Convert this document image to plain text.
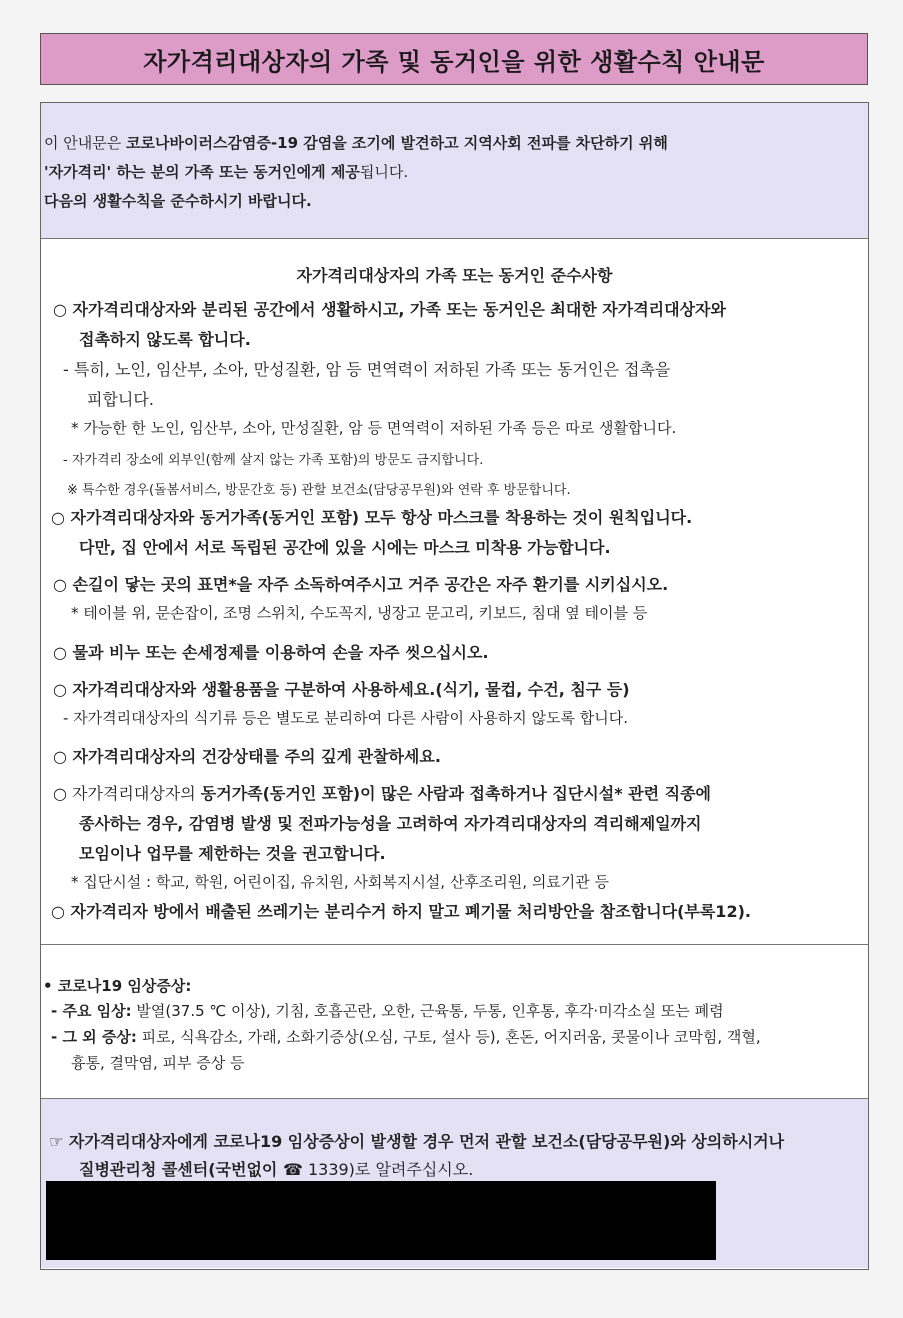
자가격리대상자의 가족 및 동거인을 위한 생활수칙 안내문
이 안내문은 코로나바이러스감염증-19 감염을 조기에 발견하고 지역사회 전파를 차단하기 위해
'자가격리' 하는 분의 가족 또는 동거인에게 제공됩니다.
다음의 생활수칙을 준수하시기 바랍니다.
자가격리대상자의 가족 또는 동거인 준수사항
○ 자가격리대상자와 분리된 공간에서 생활하시고, 가족 또는 동거인은 최대한 자가격리대상자와
접촉하지 않도록 합니다.
- 특히, 노인, 임산부, 소아, 만성질환, 암 등 면역력이 저하된 가족 또는 동거인은 접촉을
피합니다.
* 가능한 한 노인, 임산부, 소아, 만성질환, 암 등 면역력이 저하된 가족 등은 따로 생활합니다.
- 자가격리 장소에 외부인(함께 살지 않는 가족 포함)의 방문도 금지합니다.
※ 특수한 경우(돌봄서비스, 방문간호 등) 관할 보건소(담당공무원)와 연락 후 방문합니다.
○ 자가격리대상자와 동거가족(동거인 포함) 모두 항상 마스크를 착용하는 것이 원칙입니다.
다만, 집 안에서 서로 독립된 공간에 있을 시에는 마스크 미착용 가능합니다.
○ 손길이 닿는 곳의 표면*을 자주 소독하여주시고 거주 공간은 자주 환기를 시키십시오.
* 테이블 위, 문손잡이, 조명 스위치, 수도꼭지, 냉장고 문고리, 키보드, 침대 옆 테이블 등
○ 물과 비누 또는 손세정제를 이용하여 손을 자주 씻으십시오.
○ 자가격리대상자와 생활용품을 구분하여 사용하세요.(식기, 물컵, 수건, 침구 등)
- 자가격리대상자의 식기류 등은 별도로 분리하여 다른 사람이 사용하지 않도록 합니다.
○ 자가격리대상자의 건강상태를 주의 깊게 관찰하세요.
○ 자가격리대상자의 동거가족(동거인 포함)이 많은 사람과 접촉하거나 집단시설* 관련 직종에
종사하는 경우, 감염병 발생 및 전파가능성을 고려하여 자가격리대상자의 격리해제일까지
모임이나 업무를 제한하는 것을 권고합니다.
* 집단시설 : 학교, 학원, 어린이집, 유치원, 사회복지시설, 산후조리원, 의료기관 등
○ 자가격리자 방에서 배출된 쓰레기는 분리수거 하지 말고 폐기물 처리방안을 참조합니다(부록12).
• 코로나19 임상증상:
- 주요 임상: 발열(37.5 ℃ 이상), 기침, 호흡곤란, 오한, 근육통, 두통, 인후통, 후각·미각소실 또는 폐렴
- 그 외 증상: 피로, 식욕감소, 가래, 소화기증상(오심, 구토, 설사 등), 혼돈, 어지러움, 콧물이나 코막힘, 객혈,
흉통, 결막염, 피부 증상 등
☞ 자가격리대상자에게 코로나19 임상증상이 발생할 경우 먼저 관할 보건소(담당공무원)와 상의하시거나
질병관리청 콜센터(국번없이 ☎ 1339)로 알려주십시오.
